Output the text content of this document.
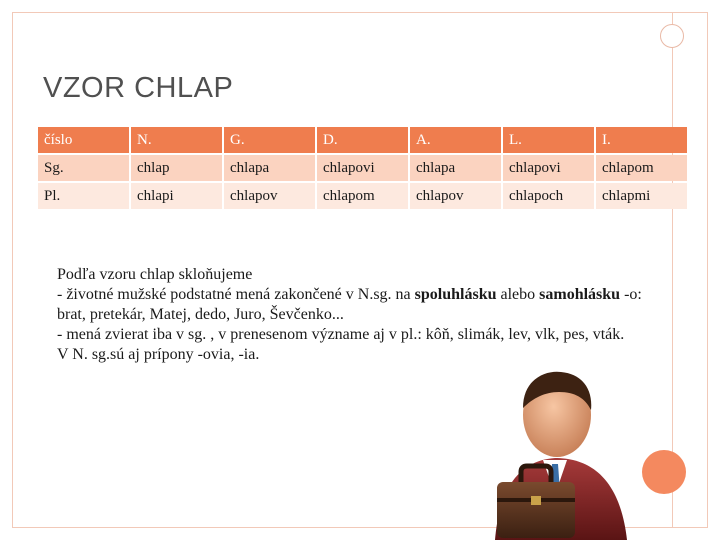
VZOR CHLAP
číslo	N.	G.	D.	A.	L.	I.
Sg.	chlap	chlapa	chlapovi	chlapa	chlapovi	chlapom
Pl.	chlapi	chlapov	chlapom	chlapov	chlapoch	chlapmi

Podľa vzoru chlap skloňujeme

- životné mužské podstatné mená zakončené v N.sg. na spoluhlásku alebo samohlásku -o: brat, pretekár, Matej, dedo, Juro, Ševčenko...

- mená zvierat iba v sg. , v prenesenom význame aj v pl.: kôň, slimák, lev, vlk, pes, vták.

V N. sg.sú aj prípony -ovia, -ia.
